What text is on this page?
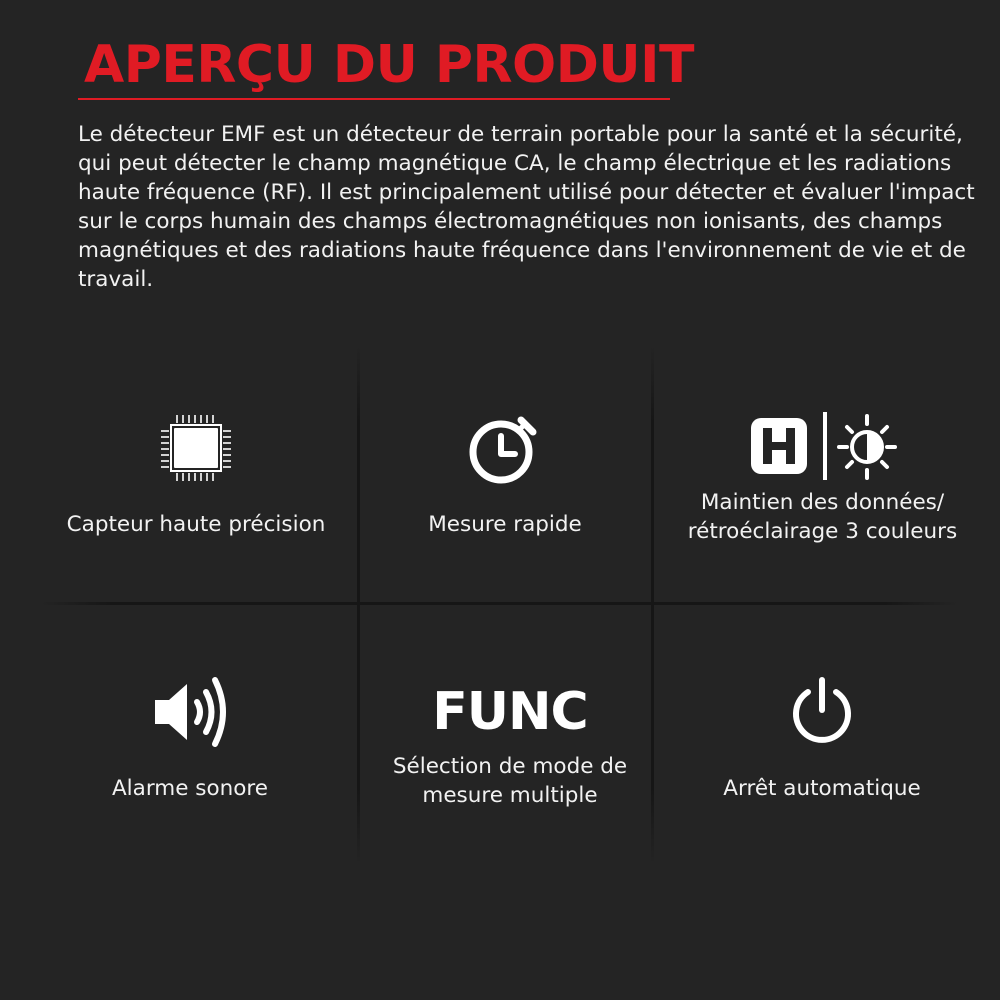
APERÇU DU PRODUIT

Le détecteur EMF est un détecteur de terrain portable pour la santé et la sécurité, qui peut détecter le champ magnétique CA, le champ électrique et les radiations haute fréquence (RF). Il est principalement utilisé pour détecter et évaluer l'impact sur le corps humain des champs électromagnétiques non ionisants, des champs magnétiques et des radiations haute fréquence dans l'environnement de vie et de travail.

Capteur haute précision	Mesure rapide
Maintien des données/
rétroéclairage 3 couleurs
Alarme sonore
FUNC
Sélection de mode de
mesure multiple	Arrêt automatique
